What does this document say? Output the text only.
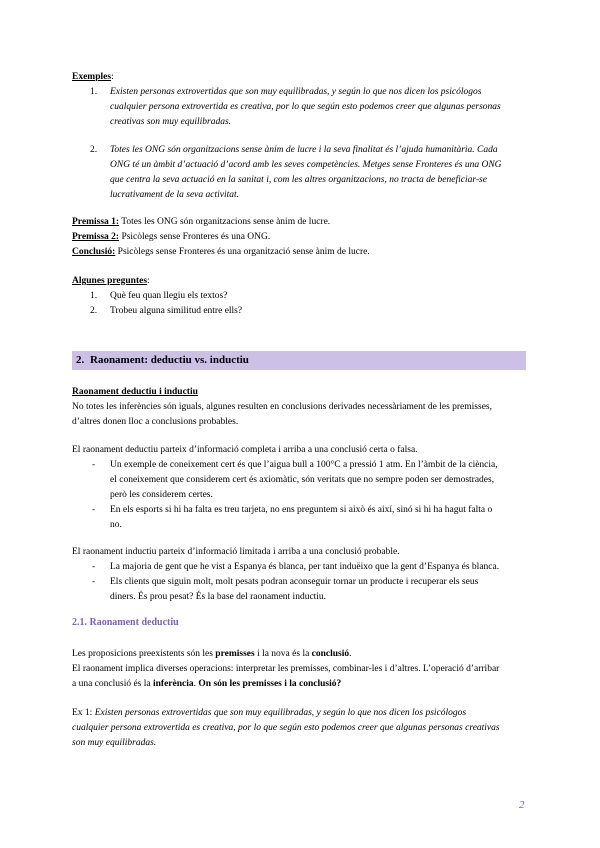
Exemples:
1. Existen personas extrovertidas que son muy equilibradas, y según lo que nos dicen los psicólogos
cualquier persona extrovertida es creativa, por lo que según esto podemos creer que algunas personas
creativas son muy equilibradas.
2. Totes les ONG són organitzacions sense ànim de lucre i la seva finalitat és l’ajuda humanitària. Cada
ONG té un àmbit d’actuació d’acord amb les seves competències. Metges sense Fronteres és una ONG
que centra la seva actuació en la sanitat i, com les altres organitzacions, no tracta de beneficiar-se
lucrativament de la seva activitat.
Premissa 1: Totes les ONG són organitzacions sense ànim de lucre.
Premissa 2: Psicòlegs sense Fronteres és una ONG.
Conclusió: Psicòlegs sense Fronteres és una organització sense ànim de lucre.
Algunes preguntes:
1. Què feu quan llegiu els textos?
2. Trobeu alguna similitud entre ells?
2. Raonament: deductiu vs. inductiu
Raonament deductiu i inductiu
No totes les inferències són iguals, algunes resulten en conclusions derivades necessàriament de les premisses,
d’altres donen lloc a conclusions probables.
El raonament deductiu parteix d’informació completa i arriba a una conclusió certa o falsa.
- Un exemple de coneixement cert és que l’aigua bull a 100°C a pressió 1 atm. En l’àmbit de la ciència,
el coneixement que considerem cert és axiomàtic, són veritats que no sempre poden ser demostrades,
però les considerem certes.
- En els esports si hi ha falta es treu tarjeta, no ens preguntem si això és així, sinó si hi ha hagut falta o
no.
El raonament inductiu parteix d’informació limitada i arriba a una conclusió probable.
- La majoria de gent que he vist a Espanya és blanca, per tant induëixo que la gent d’Espanya és blanca.
- Els clients que siguin molt, molt pesats podran aconseguir tornar un producte i recuperar els seus
diners. És prou pesat? És la base del raonament inductiu.
2.1. Raonament deductiu
Les proposicions preexistents són les premisses i la nova és la conclusió.
El raonament implica diverses operacions: interpretar les premisses, combinar-les i d’altres. L’operació d’arribar
a una conclusió és la inferència. On són les premisses i la conclusió?
Ex 1: Existen personas extrovertidas que son muy equilibradas, y según lo que nos dicen los psicólogos
cualquier persona extrovertida es creativa, por lo que según esto podemos creer que algunas personas creativas
son muy equilibradas.
2
